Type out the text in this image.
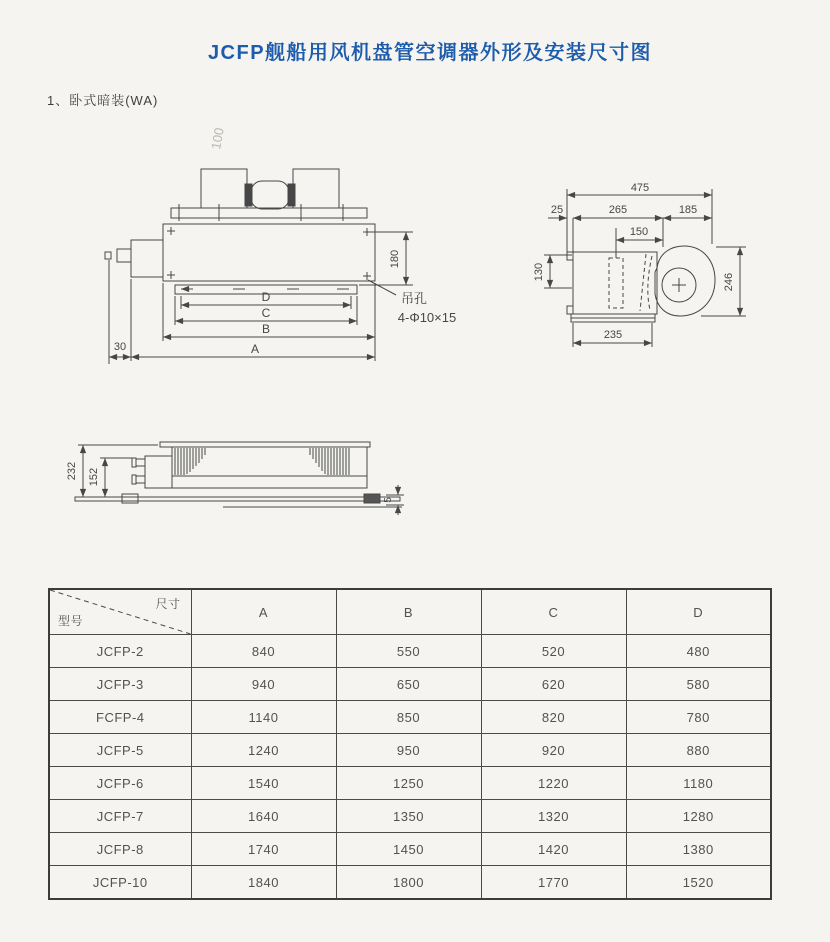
JCFP舰船用风机盘管空调器外形及安装尺寸图
1、卧式暗装(WA)
100
180
D
C
B
A
30
吊孔
4-Φ10×15
475
25	265	185
150
130
246
235
232 152
5
尺寸
型号	A	B	C	D
JCFP-2	840	550	520	480
JCFP-3	940	650	620	580
FCFP-4	1140	850	820	780
JCFP-5	1240	950	920	880
JCFP-6	1540	1250	1220	1180
JCFP-7	1640	1350	1320	1280
JCFP-8	1740	1450	1420	1380
JCFP-10	1840	1800	1770	1520
